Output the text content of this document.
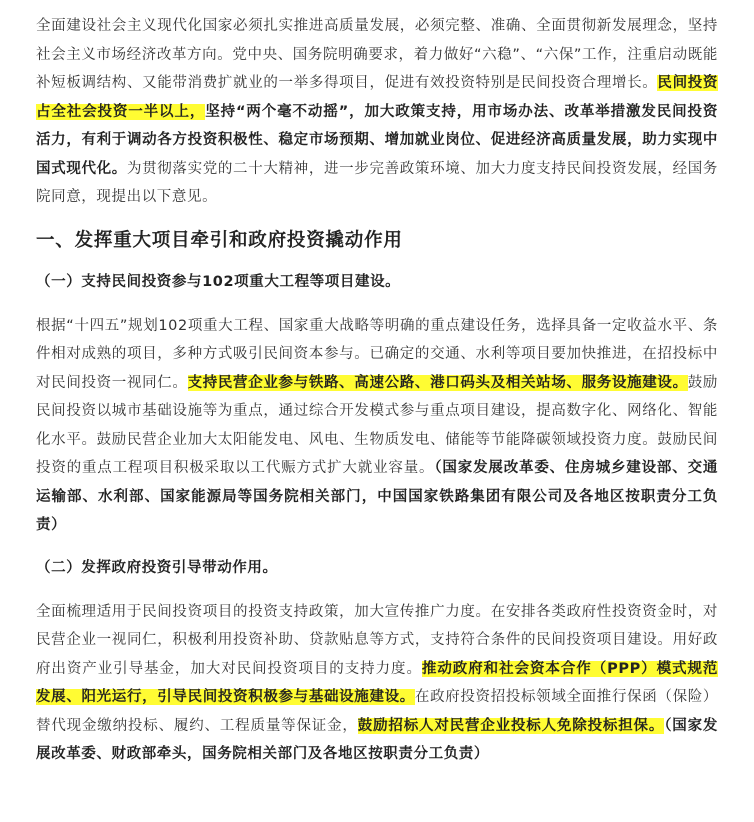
全面建设社会主义现代化国家必须扎实推进高质量发展，必须完整、准确、全面贯彻新发展理念，坚持社会主义市场经济改革方向。党中央、国务院明确要求，着力做好“六稳”、“六保”工作，注重启动既能补短板调结构、又能带消费扩就业的一举多得项目，促进有效投资特别是民间投资合理增长。民间投资占全社会投资一半以上，坚持“两个毫不动摇”，加大政策支持，用市场办法、改革举措激发民间投资活力，有利于调动各方投资积极性、稳定市场预期、增加就业岗位、促进经济高质量发展，助力实现中国式现代化。为贯彻落实党的二十大精神，进一步完善政策环境、加大力度支持民间投资发展，经国务院同意，现提出以下意见。

一、发挥重大项目牵引和政府投资撬动作用
（一）支持民间投资参与102项重大工程等项目建设。

根据“十四五”规划102项重大工程、国家重大战略等明确的重点建设任务，选择具备一定收益水平、条件相对成熟的项目，多种方式吸引民间资本参与。已确定的交通、水利等项目要加快推进，在招投标中对民间投资一视同仁。支持民营企业参与铁路、高速公路、港口码头及相关站场、服务设施建设。鼓励民间投资以城市基础设施等为重点，通过综合开发模式参与重点项目建设，提高数字化、网络化、智能化水平。鼓励民营企业加大太阳能发电、风电、生物质发电、储能等节能降碳领域投资力度。鼓励民间投资的重点工程项目积极采取以工代赈方式扩大就业容量。（国家发展改革委、住房城乡建设部、交通运输部、水利部、国家能源局等国务院相关部门，中国国家铁路集团有限公司及各地区按职责分工负责）

（二）发挥政府投资引导带动作用。

全面梳理适用于民间投资项目的投资支持政策，加大宣传推广力度。在安排各类政府性投资资金时，对民营企业一视同仁，积极利用投资补助、贷款贴息等方式，支持符合条件的民间投资项目建设。用好政府出资产业引导基金，加大对民间投资项目的支持力度。推动政府和社会资本合作（PPP）模式规范发展、阳光运行，引导民间投资积极参与基础设施建设。在政府投资招投标领域全面推行保函（保险）替代现金缴纳投标、履约、工程质量等保证金，鼓励招标人对民营企业投标人免除投标担保。（国家发展改革委、财政部牵头，国务院相关部门及各地区按职责分工负责）
